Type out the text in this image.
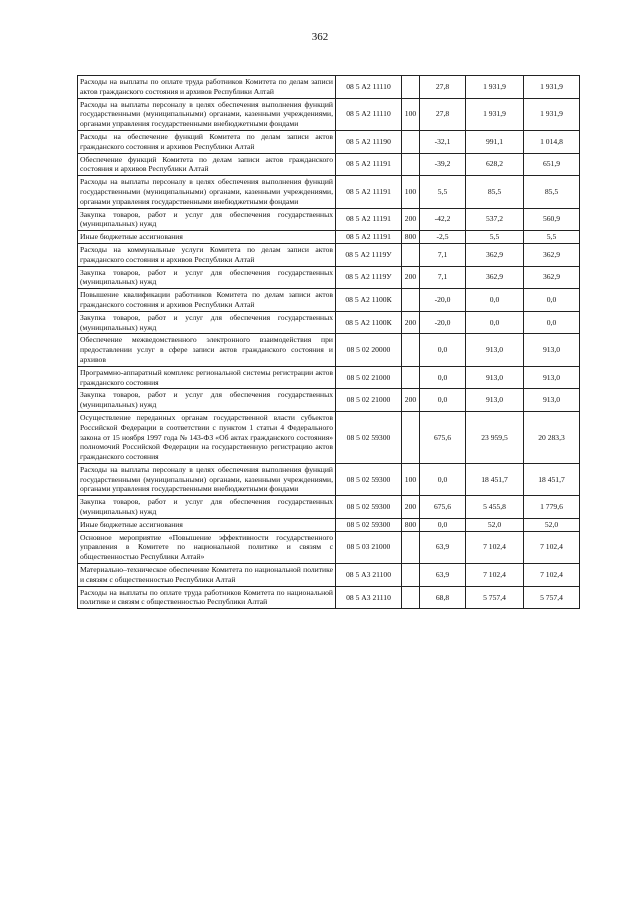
362
Расходы на выплаты по оплате труда работников Комитета по делам записи актов гражданского состояния и архивов Республики Алтай	08 5 А2 11110		27,8	1 931,9	1 931,9
Расходы на выплаты персоналу в целях обеспечения выполнения функций государственными (муниципальными) органами, казенными учреждениями, органами управления государственными внебюджетными фондами	08 5 А2 11110	100	27,8	1 931,9	1 931,9
Расходы на обеспечение функций Комитета по делам записи актов гражданского состояния и архивов Республики Алтай	08 5 А2 11190		-32,1	991,1	1 014,8
Обеспечение функций Комитета по делам записи актов гражданского состояния и архивов Республики Алтай	08 5 А2 11191		-39,2	628,2	651,9
Расходы на выплаты персоналу в целях обеспечения выполнения функций государственными (муниципальными) органами, казенными учреждениями, органами управления государственными внебюджетными фондами	08 5 А2 11191	100	5,5	85,5	85,5
Закупка товаров, работ и услуг для обеспечения государственных (муниципальных) нужд	08 5 А2 11191	200	-42,2	537,2	560,9
Иные бюджетные ассигнования	08 5 А2 11191	800	-2,5	5,5	5,5
Расходы на коммунальные услуги Комитета по делам записи актов гражданского состояния и архивов Республики Алтай	08 5 А2 1119У		7,1	362,9	362,9
Закупка товаров, работ и услуг для обеспечения государственных (муниципальных) нужд	08 5 А2 1119У	200	7,1	362,9	362,9
Повышение квалификации работников Комитета по делам записи актов гражданского состояния и архивов Республики Алтай	08 5 А2 1100К		-20,0	0,0	0,0
Закупка товаров, работ и услуг для обеспечения государственных (муниципальных) нужд	08 5 А2 1100К	200	-20,0	0,0	0,0
Обеспечение межведомственного электронного взаимодействия при предоставлении услуг в сфере записи актов гражданского состояния и архивов	08 5 02 20000		0,0	913,0	913,0
Программно-аппаратный комплекс региональной системы регистрации актов гражданского состояния	08 5 02 21000		0,0	913,0	913,0
Закупка товаров, работ и услуг для обеспечения государственных (муниципальных) нужд	08 5 02 21000	200	0,0	913,0	913,0
Осуществление переданных органам государственной власти субъектов Российской Федерации в соответствии с пунктом 1 статьи 4 Федерального закона от 15 ноября 1997 года № 143-ФЗ «Об актах гражданского состояния» полномочий Российской Федерации на государственную регистрацию актов гражданского состояния	08 5 02 59300		675,6	23 959,5	20 283,3
Расходы на выплаты персоналу в целях обеспечения выполнения функций государственными (муниципальными) органами, казенными учреждениями, органами управления государственными внебюджетными фондами	08 5 02 59300	100	0,0	18 451,7	18 451,7
Закупка товаров, работ и услуг для обеспечения государственных (муниципальных) нужд	08 5 02 59300	200	675,6	5 455,8	1 779,6
Иные бюджетные ассигнования	08 5 02 59300	800	0,0	52,0	52,0
Основное мероприятие «Повышение эффективности государственного управления в Комитете по национальной политике и связям с общественностью Республики Алтай»	08 5 03 21000		63,9	7 102,4	7 102,4
Материально–техническое обеспечение Комитета по национальной политике и связям с общественностью Республики Алтай	08 5 А3 21100		63,9	7 102,4	7 102,4
Расходы на выплаты по оплате труда работников Комитета по национальной политике и связям с общественностью Республики Алтай	08 5 А3 21110		68,8	5 757,4	5 757,4
